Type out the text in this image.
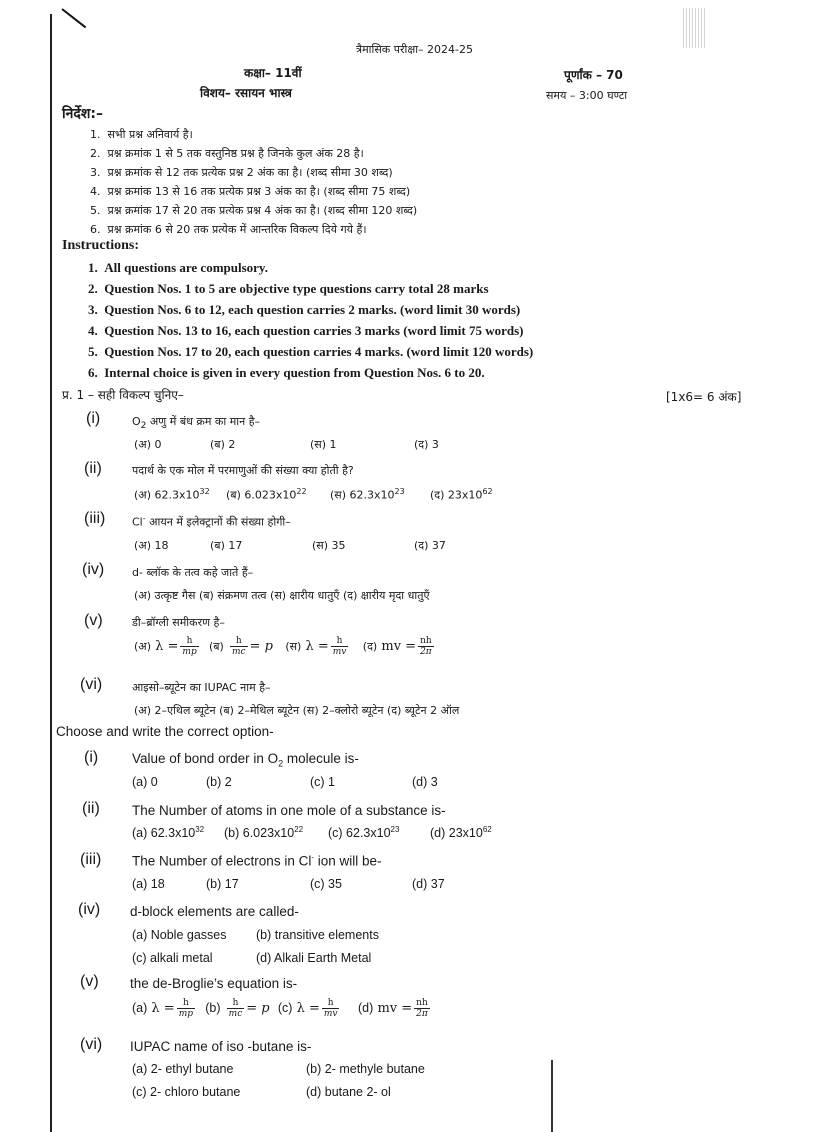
त्रैमासिक परीक्षा– 2024-25
कक्षा– 11वीं
विशय– रसायन भास्त्र
पूर्णांक – 70
समय – 3:00 घण्टा
निर्देश:–
1. सभी प्रश्न अनिवार्य है।
2. प्रश्न क्रमांक 1 से 5 तक वस्तुनिष्ठ प्रश्न है जिनके कुल अंक 28 है।
3. प्रश्न क्रमांक से 12 तक प्रत्येक प्रश्न 2 अंक का है। (शब्द सीमा 30 शब्द)
4. प्रश्न क्रमांक 13 से 16 तक प्रत्येक प्रश्न 3 अंक का है। (शब्द सीमा 75 शब्द)
5. प्रश्न क्रमांक 17 से 20 तक प्रत्येक प्रश्न 4 अंक का है। (शब्द सीमा 120 शब्द)
6. प्रश्न क्रमांक 6 से 20 तक प्रत्येक में आन्तरिक विकल्प दिये गये हैं।
Instructions:
1. All questions are compulsory.
2. Question Nos. 1 to 5 are objective type questions carry total 28 marks
3. Question Nos. 6 to 12, each question carries 2 marks. (word limit 30 words)
4. Question Nos. 13 to 16, each question carries 3 marks (word limit 75 words)
5. Question Nos. 17 to 20, each question carries 4 marks. (word limit 120 words)
6. Internal choice is given in every question from Question Nos. 6 to 20.
प्र. 1 – सही विकल्प चुनिए–	[1x6= 6 अंक]
(i)	$O_2$ अणु में बंध क्रम का मान है–
(अ) 0	(ब) 2	(स) 1	(द) 3
(ii)	पदार्थ के एक मोल में परमाणुओं की संख्या क्या होती है?
(अ) $62.3x10^{32}$ (ब) $6.023x10^{22}$ (स) $62.3x10^{23}$ (द) $23x10^{62}$
(iii) Cl- आयन में इलेक्ट्रानों की संख्या होगी–
(अ) 18	(ब) 17	(स) 35	(द) 37
(iv)	d- ब्लॉक के तत्व कहे जाते हैं–
(अ) उत्कृष्ट गैस (ब) संक्रमण तत्व (स) क्षारीय धातुएँ (द) क्षारीय मृदा धातुएँ
(v)	डी–ब्रॉग्ली समीकरण है–
(अ) $\lambda = \frac{h}{mp}$ (ब) $\frac{h}{mc} = p$ (स) $\lambda = \frac{h}{mv}$ (द) mv = $\frac{nh}{2\pi}$
(vi)	आइसो–ब्यूटेन का IUPAC नाम है–
(अ) 2–एथिल ब्यूटेन (ब) 2–मेथिल ब्यूटेन (स) 2–क्लोरो ब्यूटेन (द) ब्यूटेन 2 ऑल
Choose and write the correct option-
(i)	Value of bond order in $O_2$ molecule is-
(a) 0	(b) 2	(c) 1	(d) 3
(ii) The Number of atoms in one mole of a substance is-
(a) $62.3x10^{32}$ (b) $6.023x10^{22}$ (c) $62.3x10^{23}$ (d) $23x10^{62}$
(iii) The Number of electrons in Cl- ion will be-
(a) 18	(b) 17	(c) 35	(d) 37
(iv) d-block elements are called-
(a) Noble gasses (b) transitive elements
(c) alkali metal	(d) Alkali Earth Metal
(v) the de-Broglie’s equation is-
(a) $\lambda = \frac{h}{mp} (b) \frac{h}{mc} = p$ (c) $\lambda = \frac{h}{mv} (d)$ mv = $\frac{nh}{2\pi}$
(vi) IUPAC name of iso -butane is-
(a) 2- ethyl butane	(b) 2- methyle butane
(c) 2- chloro butane	(d) butane 2- ol
